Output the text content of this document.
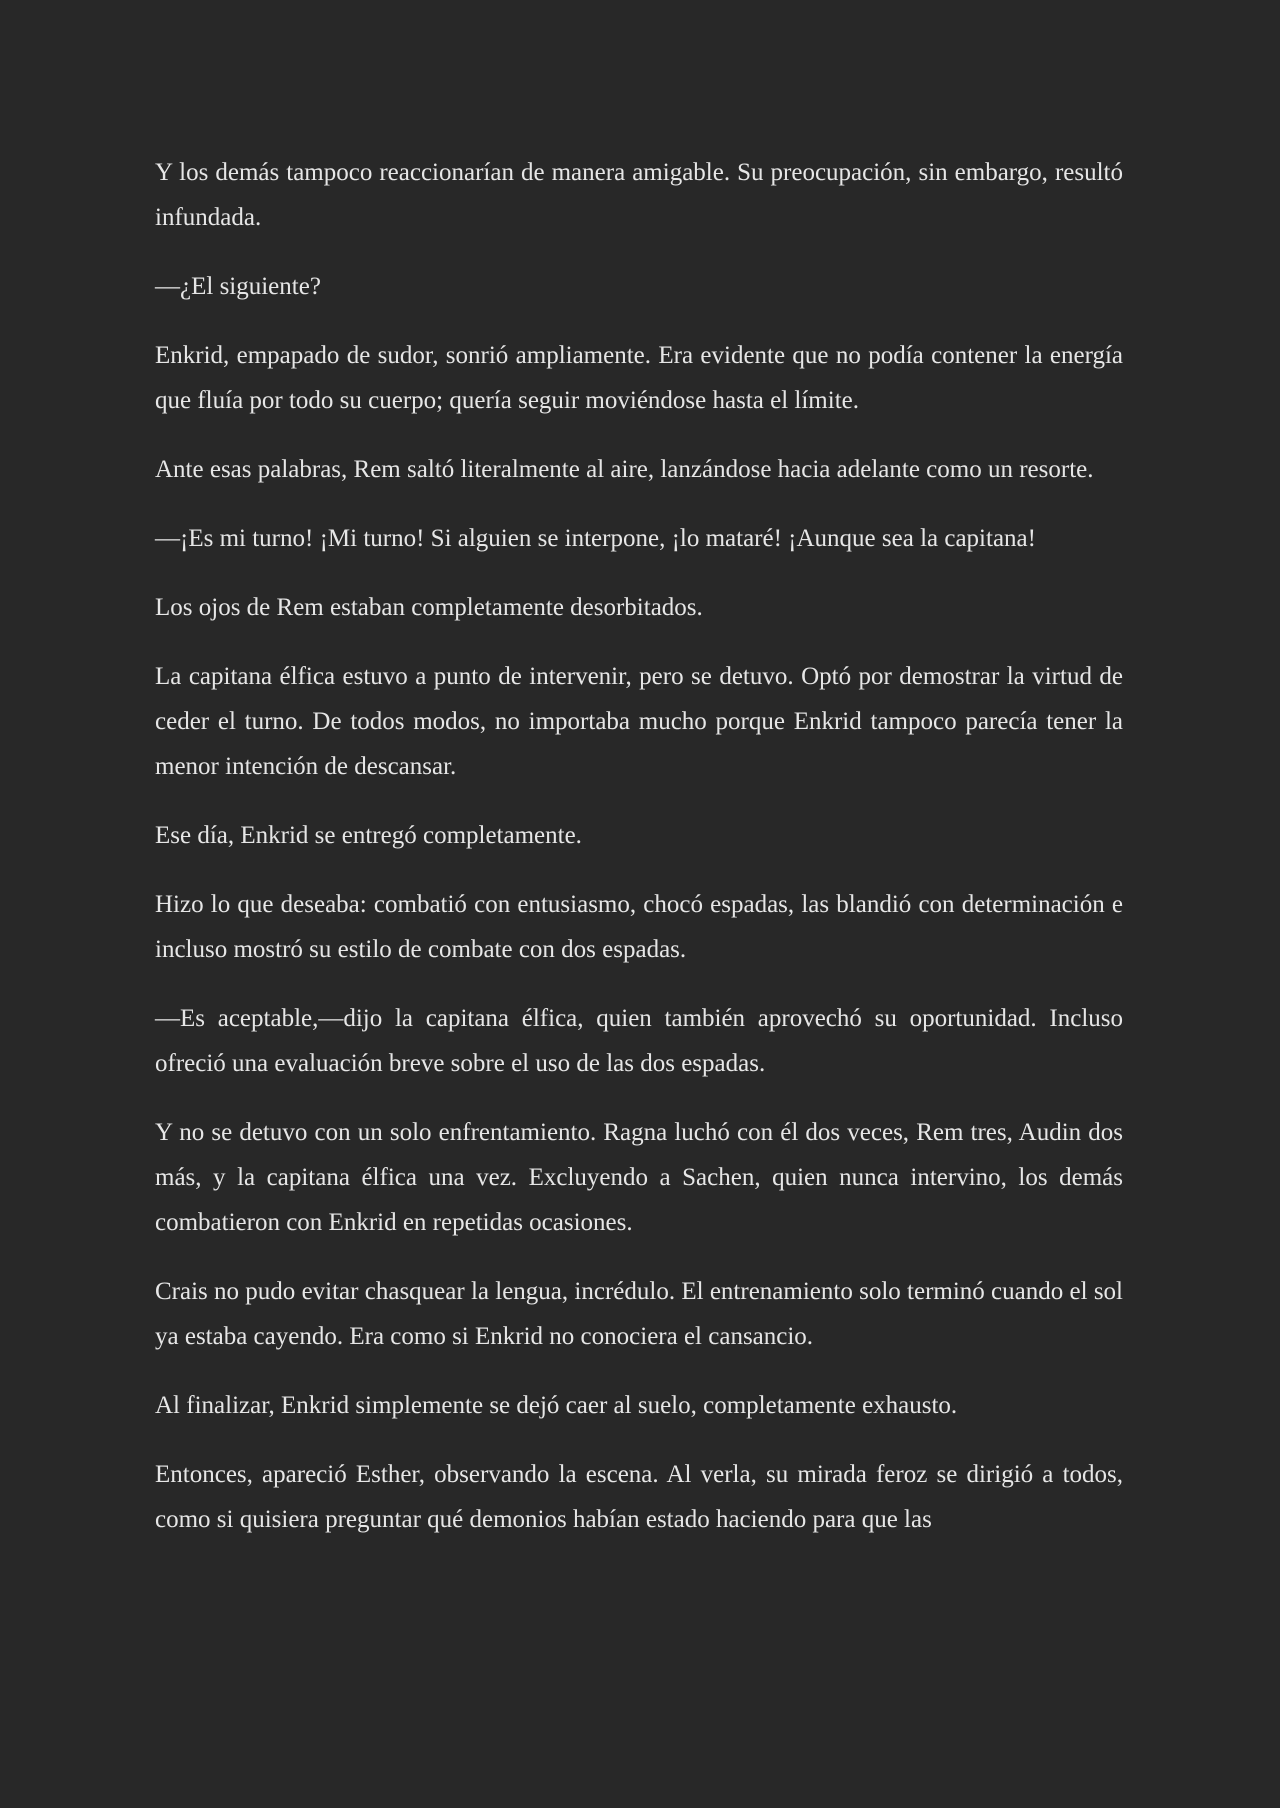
Y los demás tampoco reaccionarían de manera amigable. Su preocupación, sin embargo, resultó infundada.

—¿El siguiente?

Enkrid, empapado de sudor, sonrió ampliamente. Era evidente que no podía contener la energía que fluía por todo su cuerpo; quería seguir moviéndose hasta el límite.

Ante esas palabras, Rem saltó literalmente al aire, lanzándose hacia adelante como un resorte.

—¡Es mi turno! ¡Mi turno! Si alguien se interpone, ¡lo mataré! ¡Aunque sea la capitana!

Los ojos de Rem estaban completamente desorbitados.

La capitana élfica estuvo a punto de intervenir, pero se detuvo. Optó por demostrar la virtud de ceder el turno. De todos modos, no importaba mucho porque Enkrid tampoco parecía tener la menor intención de descansar.

Ese día, Enkrid se entregó completamente.

Hizo lo que deseaba: combatió con entusiasmo, chocó espadas, las blandió con determinación e incluso mostró su estilo de combate con dos espadas.

—Es aceptable,—dijo la capitana élfica, quien también aprovechó su oportunidad. Incluso ofreció una evaluación breve sobre el uso de las dos espadas.

Y no se detuvo con un solo enfrentamiento. Ragna luchó con él dos veces, Rem tres, Audin dos más, y la capitana élfica una vez. Excluyendo a Sachen, quien nunca intervino, los demás combatieron con Enkrid en repetidas ocasiones.

Crais no pudo evitar chasquear la lengua, incrédulo. El entrenamiento solo terminó cuando el sol ya estaba cayendo. Era como si Enkrid no conociera el cansancio.

Al finalizar, Enkrid simplemente se dejó caer al suelo, completamente exhausto.

Entonces, apareció Esther, observando la escena. Al verla, su mirada feroz se dirigió a todos, como si quisiera preguntar qué demonios habían estado haciendo para que las
